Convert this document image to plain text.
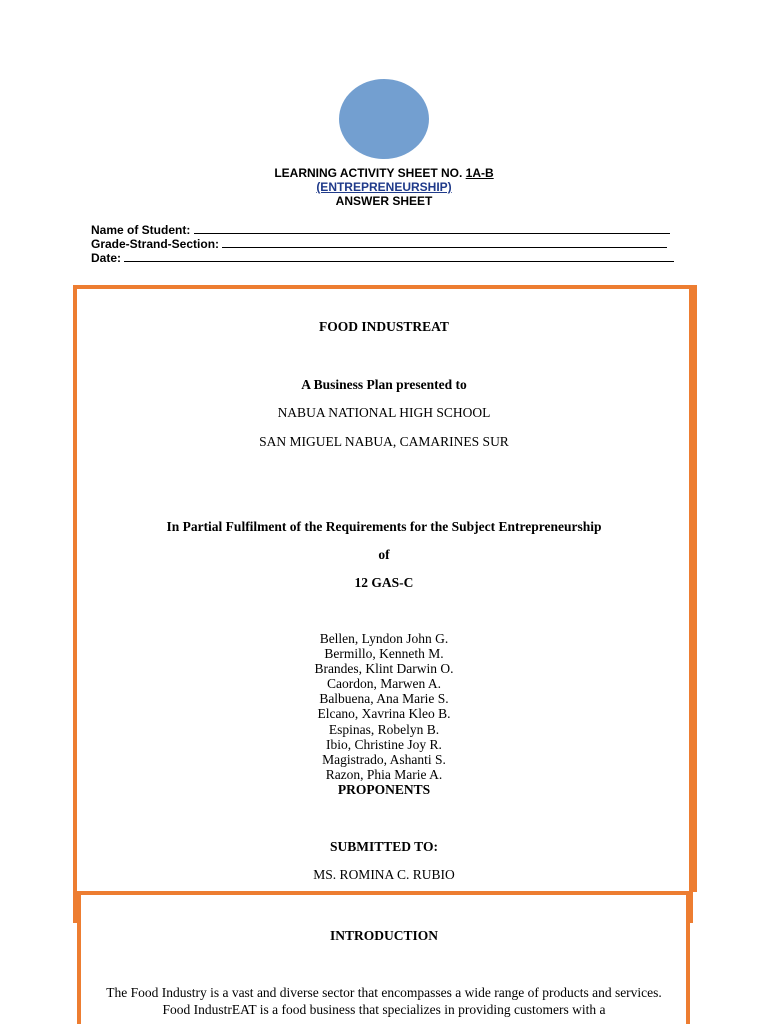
LEARNING ACTIVITY SHEET NO. 1A-B
(ENTREPRENEURSHIP)
ANSWER SHEET
Name of Student:
Grade-Strand-Section:
Date:
FOOD INDUSTREAT
A Business Plan presented to
NABUA NATIONAL HIGH SCHOOL
SAN MIGUEL NABUA, CAMARINES SUR
In Partial Fulfilment of the Requirements for the Subject Entrepreneurship
of
12 GAS-C
Bellen, Lyndon John G.
Bermillo, Kenneth M.
Brandes, Klint Darwin O.
Caordon, Marwen A.
Balbuena, Ana Marie S.
Elcano, Xavrina Kleo B.
Espinas, Robelyn B.
Ibio, Christine Joy R.
Magistrado, Ashanti S.
Razon, Phia Marie A.
PROPONENTS
SUBMITTED TO:
MS. ROMINA C. RUBIO
INTRODUCTION
The Food Industry is a vast and diverse sector that encompasses a wide range of products and services. Food IndustrEAT is a food business that specializes in providing customers with a
